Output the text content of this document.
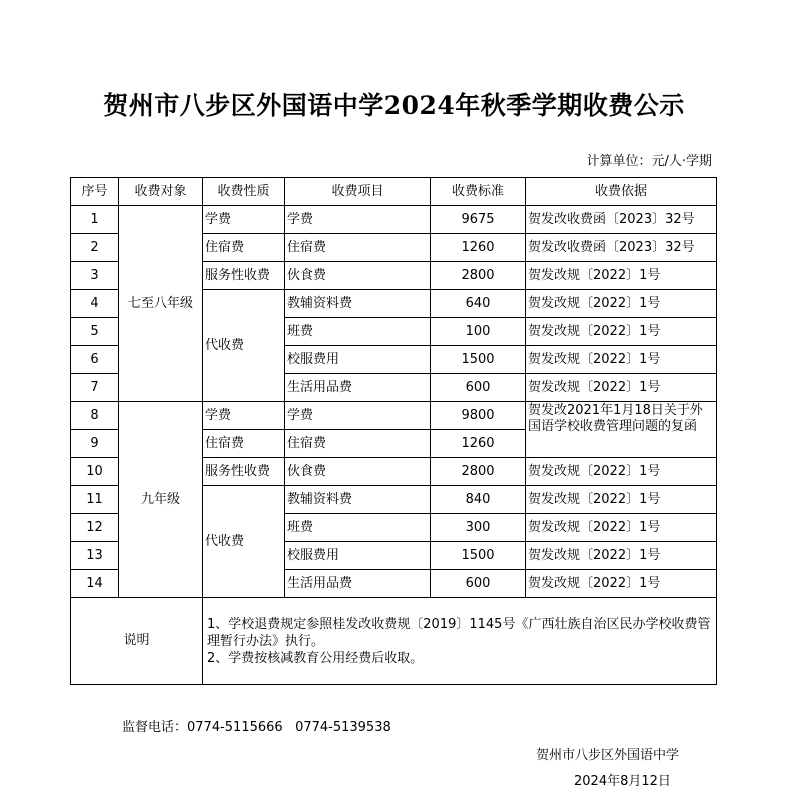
贺州市八步区外国语中学2024年秋季学期收费公示
计算单位：元/人·学期
序号	收费对象	收费性质	收费项目	收费标准	收费依据
1	七至八年级	学费	学费	9675	贺发改收费函〔2023〕32号
2		住宿费	住宿费	1260	贺发改收费函〔2023〕32号
3		服务性收费	伙食费	2800	贺发改规〔2022〕1号
4		代收费	教辅资料费	640	贺发改规〔2022〕1号
5			班费	100	贺发改规〔2022〕1号
6			校服费用	1500	贺发改规〔2022〕1号
7			生活用品费	600	贺发改规〔2022〕1号
8	九年级	学费	学费	9800	贺发改2021年1月18日关于外国语学校收费管理问题的复函
9		住宿费	住宿费	1260	
10		服务性收费	伙食费	2800	贺发改规〔2022〕1号
11		代收费	教辅资料费	840	贺发改规〔2022〕1号
12			班费	300	贺发改规〔2022〕1号
13			校服费用	1500	贺发改规〔2022〕1号
14			生活用品费	600	贺发改规〔2022〕1号
说明		1、学校退费规定参照桂发改收费规〔2019〕1145号《广西壮族自治区民办学校收费管理暂行办法》执行。
2、学费按核减教育公用经费后收取。			
监督电话：0774-5115666   0774-5139538
贺州市八步区外国语中学
2024年8月12日
